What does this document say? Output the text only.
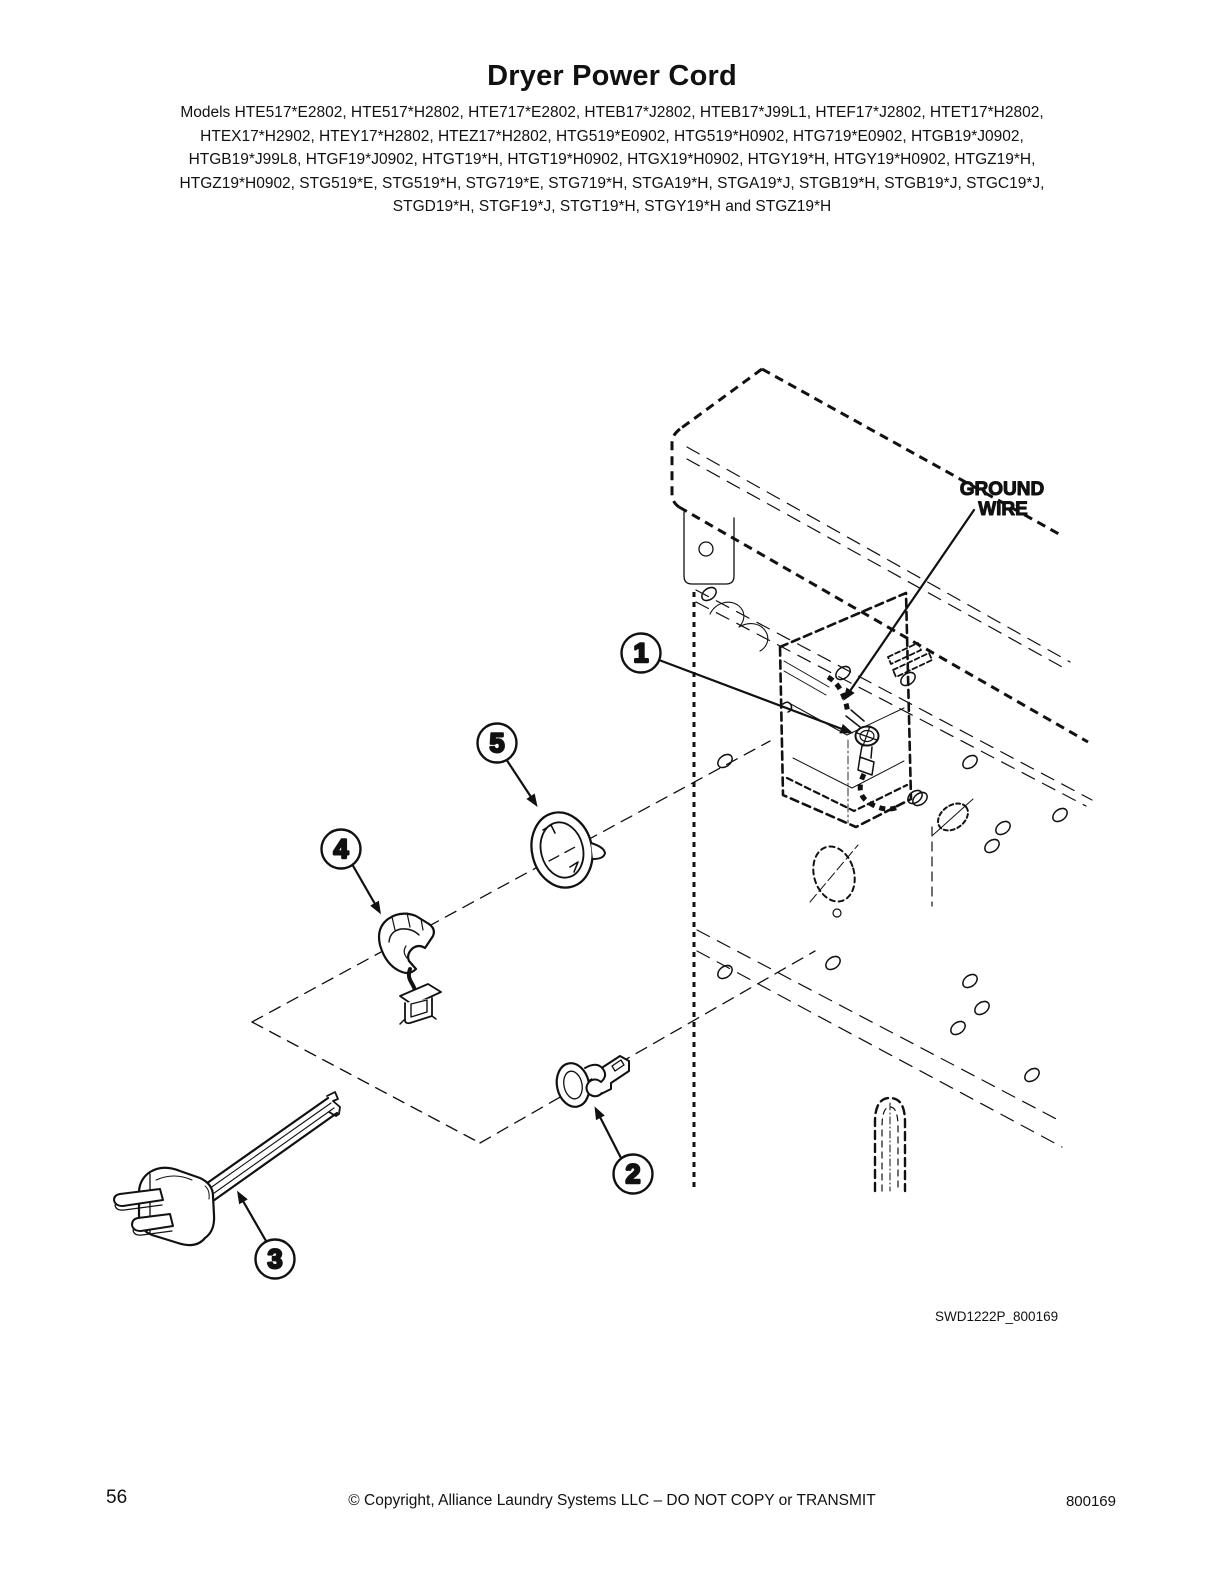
Dryer Power Cord
Models HTE517*E2802, HTE517*H2802, HTE717*E2802, HTEB17*J2802, HTEB17*J99L1, HTEF17*J2802, HTET17*H2802,
HTEX17*H2902, HTEY17*H2802, HTEZ17*H2802, HTG519*E0902, HTG519*H0902, HTG719*E0902, HTGB19*J0902,
HTGB19*J99L8, HTGF19*J0902, HTGT19*H, HTGT19*H0902, HTGX19*H0902, HTGY19*H, HTGY19*H0902, HTGZ19*H,
HTGZ19*H0902, STG519*E, STG519*H, STG719*E, STG719*H, STGA19*H, STGA19*J, STGB19*H, STGB19*J, STGC19*J,
STGD19*H, STGF19*J, STGT19*H, STGY19*H and STGZ19*H
GROUND
WIRE
1
2
3
4
5
SWD1222P_800169
56	© Copyright, Alliance Laundry Systems LLC – DO NOT COPY or TRANSMIT	800169
